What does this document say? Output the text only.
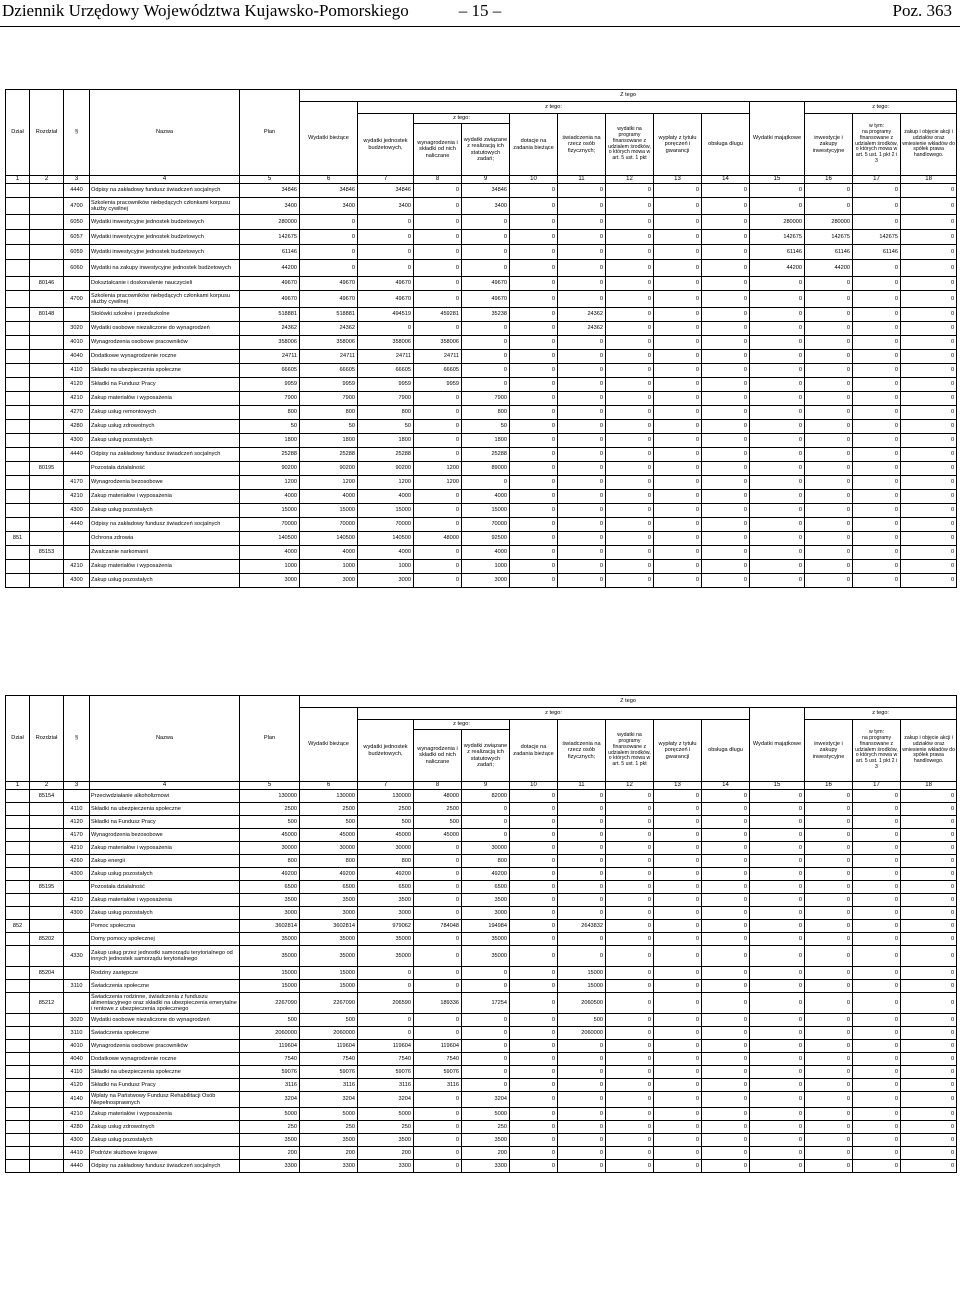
Dziennik Urzędowy Województwa Kujawsko-Pomorskiego	– 15 –	Poz. 363
Dział	Rozdział	§	Nazwa	Plan	Z tego												
					Wydatki bieżące	z tego:								Wydatki majątkowe	z tego:		
						wydatki jednostek budżetowych,	z tego:		dotacje na zadania bieżące	świadczenia na rzecz osób fizycznych;	wydatki na programy finansowane z udziałem środków, o których mowa w art. 5 ust. 1 pkt	wypłaty z tytułu poręczeń i gwarancji	obsługa długu		inwestycje i zakupy inwestycyjne	w tym:
na programy finansowane z udziałem środków, o których mowa w art. 5 ust. 1 pkt 2 i 3	zakup i objęcie akcji i udziałów oraz wniesienie wkładów do spółek prawa handlowego.
							wynagrodzenia i składki od nich naliczane	wydatki związane z realizacją ich statutowych zadań;									
1	2	3	4	5	6	7	8	9	10	11	12	13	14	15	16	17	18
		4440	Odpisy na zakładowy fundusz świadczeń socjalnych	34846	34846	34846	0	34846	0	0	0	0	0	0	0	0	0
		4700	Szkolenia pracowników niebędących członkami korpusu służby cywilnej	3400	3400	3400	0	3400	0	0	0	0	0	0	0	0	0
		6050	Wydatki inwestycyjne jednostek budżetowych	280000	0	0	0	0	0	0	0	0	0	280000	280000	0	0
		6057	Wydatki inwestycyjne jednostek budżetowych	142675	0	0	0	0	0	0	0	0	0	142675	142675	142675	0
		6059	Wydatki inwestycyjne jednostek budżetowych	61146	0	0	0	0	0	0	0	0	0	61146	61146	61146	0
		6060	Wydatki na zakupy inwestycyjne jednostek budżetowych	44200	0	0	0	0	0	0	0	0	0	44200	44200	0	0
	80146		Dokształcanie i doskonalenie nauczycieli	49670	49670	49670	0	49670	0	0	0	0	0	0	0	0	0
		4700	Szkolenia pracowników niebędących członkami korpusu służby cywilnej	49670	49670	49670	0	49670	0	0	0	0	0	0	0	0	0
	80148		Stołówki szkolne i przedszkolne	518881	518881	494519	459281	35238	0	24362	0	0	0	0	0	0	0
		3020	Wydatki osobowe niezaliczone do wynagrodzeń	24362	24362	0	0	0	0	24362	0	0	0	0	0	0	0
		4010	Wynagrodzenia osobowe pracowników	358006	358006	358006	358006	0	0	0	0	0	0	0	0	0	0
		4040	Dodatkowe wynagrodzenie roczne	24711	24711	24711	24711	0	0	0	0	0	0	0	0	0	0
		4110	Składki na ubezpieczenia społeczne	66605	66605	66605	66605	0	0	0	0	0	0	0	0	0	0
		4120	Składki na Fundusz Pracy	9959	9959	9959	9959	0	0	0	0	0	0	0	0	0	0
		4210	Zakup materiałów i wyposażenia	7900	7900	7900	0	7900	0	0	0	0	0	0	0	0	0
		4270	Zakup usług remontowych	800	800	800	0	800	0	0	0	0	0	0	0	0	0
		4280	Zakup usług zdrowotnych	50	50	50	0	50	0	0	0	0	0	0	0	0	0
		4300	Zakup usług pozostałych	1800	1800	1800	0	1800	0	0	0	0	0	0	0	0	0
		4440	Odpisy na zakładowy fundusz świadczeń socjalnych	25288	25288	25288	0	25288	0	0	0	0	0	0	0	0	0
	80195		Pozostała działalność	90200	90200	90200	1200	89000	0	0	0	0	0	0	0	0	0
		4170	Wynagrodzenia bezosobowe	1200	1200	1200	1200	0	0	0	0	0	0	0	0	0	0
		4210	Zakup materiałów i wyposażenia	4000	4000	4000	0	4000	0	0	0	0	0	0	0	0	0
		4300	Zakup usług pozostałych	15000	15000	15000	0	15000	0	0	0	0	0	0	0	0	0
		4440	Odpisy na zakładowy fundusz świadczeń socjalnych	70000	70000	70000	0	70000	0	0	0	0	0	0	0	0	0
851			Ochrona zdrowia	140500	140500	140500	48000	92500	0	0	0	0	0	0	0	0	0
	85153		Zwalczanie narkomanii	4000	4000	4000	0	4000	0	0	0	0	0	0	0	0	0
		4210	Zakup materiałów i wyposażenia	1000	1000	1000	0	1000	0	0	0	0	0	0	0	0	0
		4300	Zakup usług pozostałych	3000	3000	3000	0	3000	0	0	0	0	0	0	0	0	0
Dział	Rozdział	§	Nazwa	Plan	Z tego												
					Wydatki bieżące	z tego:								Wydatki majątkowe	z tego:		
						wydatki jednostek budżetowych,	z tego:		dotacje na zadania bieżące	świadczenia na rzecz osób fizycznych;	wydatki na programy finansowane z udziałem środków, o których mowa w art. 5 ust. 1 pkt	wypłaty z tytułu poręczeń i gwarancji	obsługa długu		inwestycje i zakupy inwestycyjne	w tym:
na programy finansowane z udziałem środków, o których mowa w art. 5 ust. 1 pkt 2 i 3	zakup i objęcie akcji i udziałów oraz wniesienie wkładów do spółek prawa handlowego.
							wynagrodzenia i składki od nich naliczane	wydatki związane z realizacją ich statutowych zadań;									
1	2	3	4	5	6	7	8	9	10	11	12	13	14	15	16	17	18
	85154		Przeciwdziałanie alkoholizmowi	130000	130000	130000	48000	82000	0	0	0	0	0	0	0	0	0
		4110	Składki na ubezpieczenia społeczne	2500	2500	2500	2500	0	0	0	0	0	0	0	0	0	0
		4120	Składki na Fundusz Pracy	500	500	500	500	0	0	0	0	0	0	0	0	0	0
		4170	Wynagrodzenia bezosobowe	45000	45000	45000	45000	0	0	0	0	0	0	0	0	0	0
		4210	Zakup materiałów i wyposażenia	30000	30000	30000	0	30000	0	0	0	0	0	0	0	0	0
		4260	Zakup energii	800	800	800	0	800	0	0	0	0	0	0	0	0	0
		4300	Zakup usług pozostałych	49200	49200	49200	0	49200	0	0	0	0	0	0	0	0	0
	85195		Pozostała działalność	6500	6500	6500	0	6500	0	0	0	0	0	0	0	0	0
		4210	Zakup materiałów i wyposażenia	3500	3500	3500	0	3500	0	0	0	0	0	0	0	0	0
		4300	Zakup usług pozostałych	3000	3000	3000	0	3000	0	0	0	0	0	0	0	0	0
852			Pomoc społeczna	3602814	3602814	979062	784048	194984	0	2643832	0	0	0	0	0	0	0
	85202		Domy pomocy społecznej	35000	35000	35000	0	35000	0	0	0	0	0	0	0	0	0
		4330	Zakup usług przez jednostki samorządu terytorialnego od innych jednostek samorządu terytorialnego	35000	35000	35000	0	35000	0	0	0	0	0	0	0	0	0
	85204		Rodziny zastępcze	15000	15000	0	0	0	0	15000	0	0	0	0	0	0	0
		3110	Świadczenia społeczne	15000	15000	0	0	0	0	15000	0	0	0	0	0	0	0
	85212		Świadczenia rodzinne, świadczenia z funduszu alimentacyjnego oraz składki na ubezpieczenia emerytalne i rentowe z ubezpieczenia społecznego	2267090	2267090	206590	189336	17254	0	2060500	0	0	0	0	0	0	0
		3020	Wydatki osobowe niezaliczone do wynagrodzeń	500	500	0	0	0	0	500	0	0	0	0	0	0	0
		3110	Świadczenia społeczne	2060000	2060000	0	0	0	0	2060000	0	0	0	0	0	0	0
		4010	Wynagrodzenia osobowe pracowników	119604	119604	119604	119604	0	0	0	0	0	0	0	0	0	0
		4040	Dodatkowe wynagrodzenie roczne	7540	7540	7540	7540	0	0	0	0	0	0	0	0	0	0
		4110	Składki na ubezpieczenia społeczne	59076	59076	59076	59076	0	0	0	0	0	0	0	0	0	0
		4120	Składki na Fundusz Pracy	3116	3116	3116	3116	0	0	0	0	0	0	0	0	0	0
		4140	Wpłaty na Państwowy Fundusz Rehabilitacji Osób Niepełnosprawnych	3204	3204	3204	0	3204	0	0	0	0	0	0	0	0	0
		4210	Zakup materiałów i wyposażenia	5000	5000	5000	0	5000	0	0	0	0	0	0	0	0	0
		4280	Zakup usług zdrowotnych	250	250	250	0	250	0	0	0	0	0	0	0	0	0
		4300	Zakup usług pozostałych	3500	3500	3500	0	3500	0	0	0	0	0	0	0	0	0
		4410	Podróże służbowe krajowe	200	200	200	0	200	0	0	0	0	0	0	0	0	0
		4440	Odpisy na zakładowy fundusz świadczeń socjalnych	3300	3300	3300	0	3300	0	0	0	0	0	0	0	0	0
